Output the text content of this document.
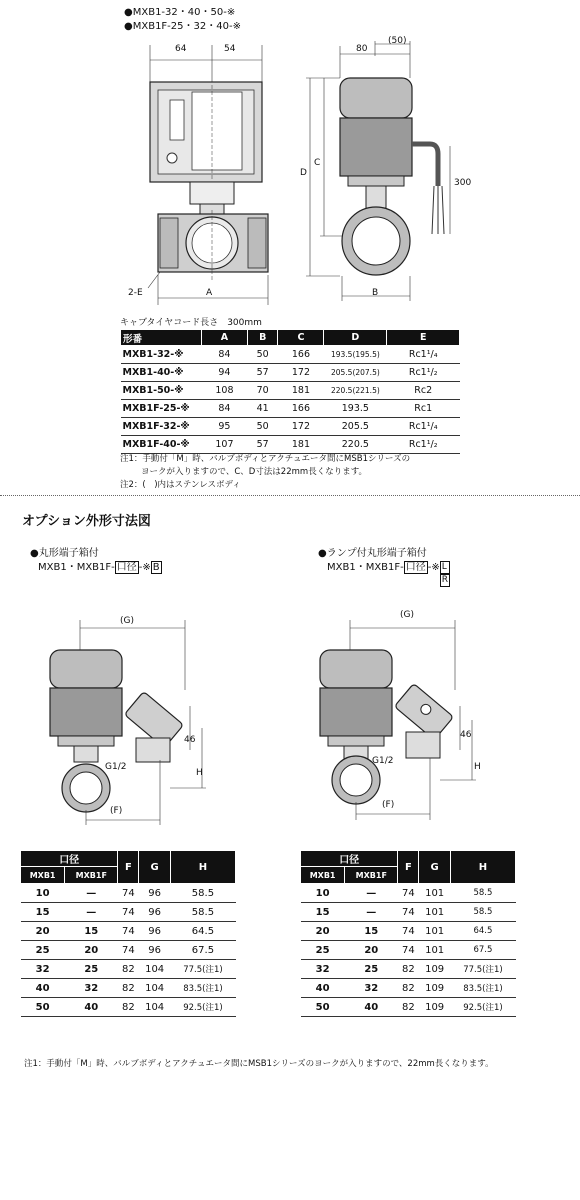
●MXB1-32・40・50-※
●MXB1F-25・32・40-※
64	54
2-E	A
80
(50)
D
C
300
B
キャブタイヤコード長さ　300mm
形番	A	B	C	D	E
MXB1-32-※	84	50	166	193.5(195.5)	Rc1¹/₄
MXB1-40-※	94	57	172	205.5(207.5)	Rc1¹/₂
MXB1-50-※	108	70	181	220.5(221.5)	Rc2
MXB1F-25-※	84	41	166	193.5	Rc1
MXB1F-32-※	95	50	172	205.5	Rc1¹/₄
MXB1F-40-※	107	57	181	220.5	Rc1¹/₂
注1：手動付「M」時、バルブボディとアクチュエータ間にMSB1シリーズの
ヨークが入りますので、C、D寸法は22mm長くなります。
注2：(　)内はステンレスボディ
オプション外形寸法図
●丸形端子箱付
MXB1・MXB1F- 口径 -※ B
●ランプ付丸形端子箱付
MXB1・MXB1F- 口径 -※ $\frac{L}{R}$
(G)
(F)
H
46
G1/2
(G)
(F)
H
46
G1/2
口径		F	G	H
MXB1	MXB1F			
10	—	74	96	58.5
15	—	74	96	58.5
20	15	74	96	64.5
25	20	74	96	67.5
32	25	82	104	77.5(注1)
40	32	82	104	83.5(注1)
50	40	82	104	92.5(注1)
口径		F	G	H
MXB1	MXB1F			
10	—	74	101	58.5
15	—	74	101	58.5
20	15	74	101	64.5
25	20	74	101	67.5
32	25	82	109	77.5(注1)
40	32	82	109	83.5(注1)
50	40	82	109	92.5(注1)
注1：手動付「M」時、バルブボディとアクチュエータ間にMSB1シリーズのヨークが入りますので、22mm長くなります。
